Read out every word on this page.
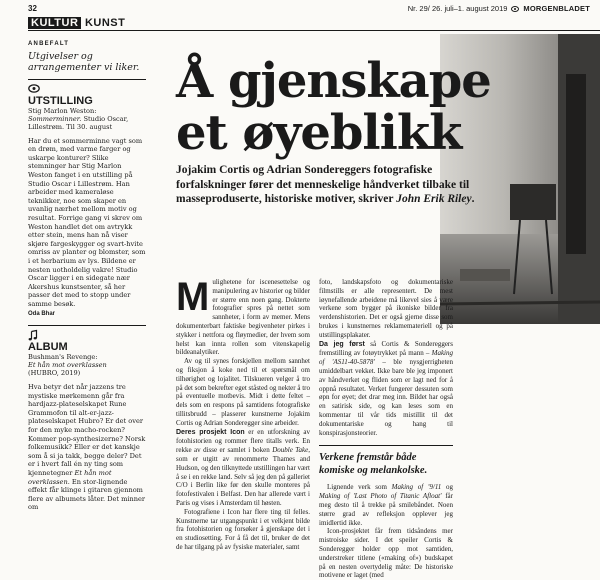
32	Nr. 29/ 26. juli–1. august 2019 MORGENBLADET
KULTUR KUNST
ANBEFALT
Utgivelser og arrangementer vi liker.
UTSTILLING
Stig Marlon Weston:
Sommerminner. Studio Oscar, Lillestrøm. Til 30. august
Har du et sommerminne vagt som en drøm, med varme farger og uskarpe konturer? Slike stemninger har Stig Marlon Weston fanget i en utstilling på Studio Oscar i Lillestrøm. Han arbeider med kameraløse teknikker, noe som skaper en uvanlig nærhet mellom motiv og resultat. Forrige gang vi skrev om Weston handlet det om avtrykk etter stein, mens han nå viser skjøre fargeskygger og svart-hvite omriss av planter og blomster, som i et herbarium av lys. Bildene er nesten uotholdelig vakre! Studio Oscar ligger i en sidegate nær Akershus kunstsenter, så her passer det med to stopp under samme besøk.
Oda Bhar
ALBUM
Bushman's Revenge:
Et hån mot overklassen
(HUBRO, 2019)
Hva betyr det når jazzens tre mystiske mørkemenn går fra hardjazz-plateselskapet Rune Grammofon til alt-er-jazz-plateselskapet Hubro? Er det over for den myke macho-rocken? Kommer pop-synthesizerne? Norsk folkemusikk? Eller er det kanskje som å si ja takk, begge deler? Det er i hvert fall én ny ting som kjennetegner Et hån mot overklassen. En stor-lignende effekt får klinge i gitaren gjennom flere av albumets låter. Det minner om
Å gjenskape
et øyeblikk
Jojakim Cortis og Adrian Sondereggers fotografiske forfalskninger fører det menneskelige håndverket tilbake til masseproduserte, historiske motiver, skriver John Erik Riley.

Mulighetene for iscenesettelse og manipulering av historier og bilder er større enn noen gang. Dokterte fotografier spres på nettet som sannheter, i form av memer. Mens dokumenterbart faktiske begivenheter pirkes i stykker i nettfora og fløymedier, der hvem som helst kan innta rollen som vitenskapelig bildeanalytiker.

Av og til synes forskjellen mellom sannhet og fiksjon å koke ned til et spørsmål om tilhørighet og lojalitet. Tilskueren velger å tro på det som bekrefter eget ståsted og nekter å tro på eventuelle motbevis. Midt i dette feltet – dels som en respons på samtidens fotografiske tillitsbrudd – plasserer kunstnerne Jojakim Cortis og Adrian Sonderegger sine arbeider.

Deres prosjekt Icon er en utforskning av fotohistorien og rommer flere titalls verk. En rekke av disse er samlet i boken Double Take, som er utgitt av renommerte Thames and Hudson, og den tilknyttede utstillingen har vært å se i en rekke land. Selv så jeg den på galleriet C/O i Berlin like før den skulle monteres på fotofestivalen i Belfast. Den har allerede vært i Paris og vises i Amsterdam til høsten.

Fotografiene i Icon har flere ting til felles. Kunstnerne tar utgangspunkt i et velkjent bilde fra fotohistorien og forsøker å gjenskape det i en studiosetting. For å få det til, bruker de det de har tilgang på av fysiske materialer, samt

foto, landskapsfoto og dokumentariske filmstills er alle representert. De mest iøynefallende arbeidene må likevel sies å være verkene som bygger på ikoniske bilder fra verdenshistorien. Det er også gjerne disse som brukes i kunstnernes reklamemateriell og på utstillingsplakater.

Da jeg først så Cortis & Sondereggers fremstilling av fotøytrykket på mann – Making of 'AS11-40-5878' – ble nysgjerrigheten umiddelbart vekket. Ikke bare ble jeg imponert av håndverket og fliden som er lagt ned for å oppnå resultatet. Verket fungerer dessuten som øpn for øyet; det drar meg inn. Bildet har også en satirisk side, og kan leses som en kommentar til vår tids mistillit til det dokumentariske og hang til konspirasjonsteorier.

Verkene fremstår både komiske og melankolske.

Lignende verk som Making of '9/11 og Making of 'Last Photo of Titanic Afloat' får meg desto til å trekke på smilebåndet. Noen større grad av refleksjon opplever jeg imidlertid ikke.

Icon-prosjektet får frem tidsåndens mer mistroiske sider. I det speiler Cortis & Sonderegger holder opp mot samtiden, understreker titlene («making of») budskapet på en nesten overtydelig måte: De historiske motivene er laget (med
